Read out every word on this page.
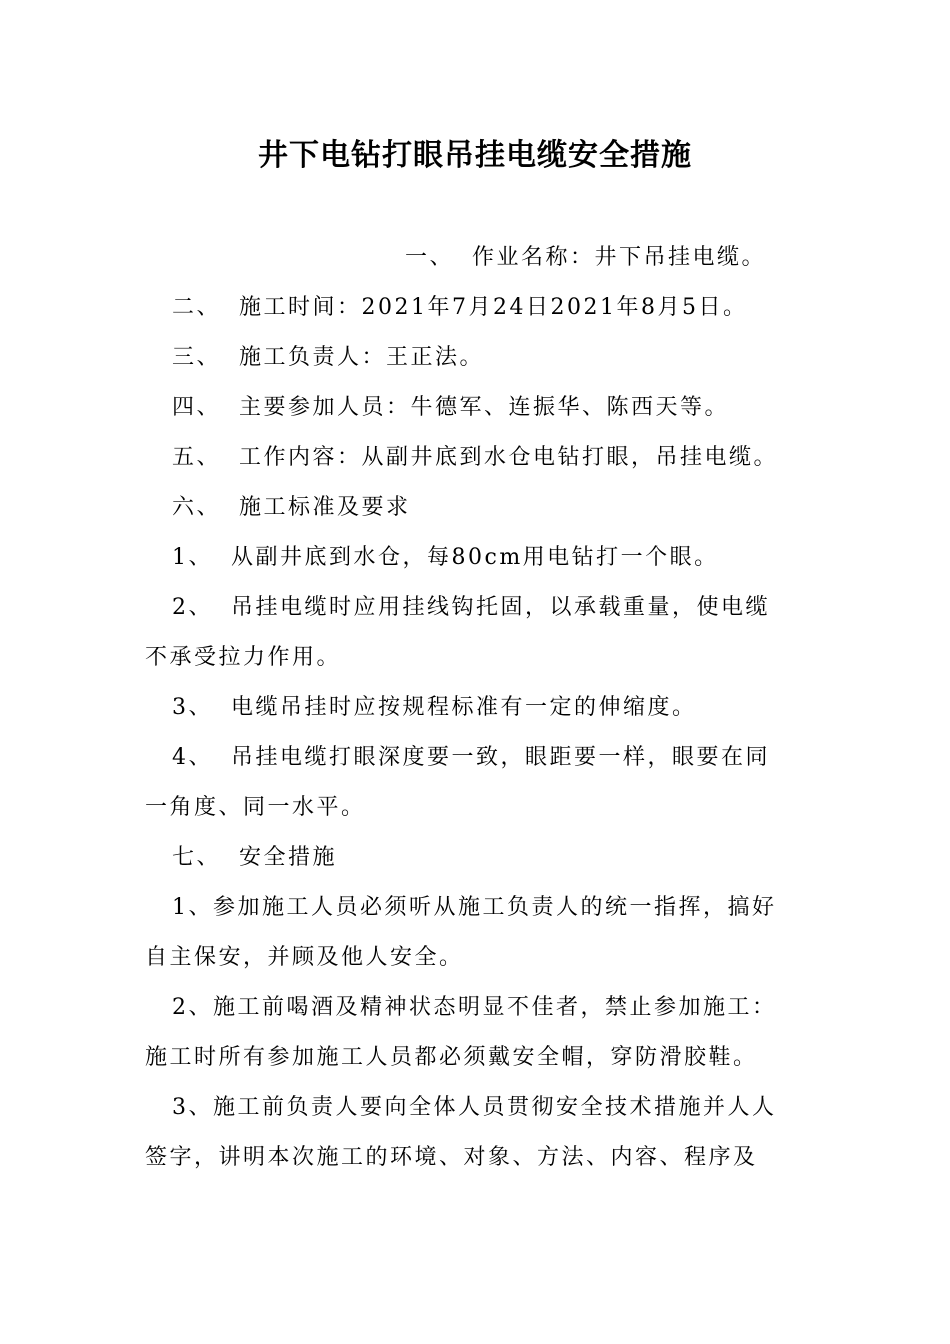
井下电钻打眼吊挂电缆安全措施
一、 作业名称：井下吊挂电缆。
二、 施工时间：2021年7月24日2021年8月5日。
三、 施工负责人：王正法。
四、 主要参加人员：牛德军、连振华、陈西天等。
五、 工作内容：从副井底到水仓电钻打眼，吊挂电缆。
六、 施工标准及要求
1、 从副井底到水仓，每80cm用电钻打一个眼。
2、 吊挂电缆时应用挂线钩托固，以承载重量，使电缆
不承受拉力作用。
3、 电缆吊挂时应按规程标准有一定的伸缩度。
4、 吊挂电缆打眼深度要一致，眼距要一样，眼要在同
一角度、同一水平。
七、 安全措施
1、参加施工人员必须听从施工负责人的统一指挥，搞好
自主保安，并顾及他人安全。
2、施工前喝酒及精神状态明显不佳者，禁止参加施工：
施工时所有参加施工人员都必须戴安全帽，穿防滑胶鞋。
3、施工前负责人要向全体人员贯彻安全技术措施并人人
签字，讲明本次施工的环境、对象、方法、内容、程序及
